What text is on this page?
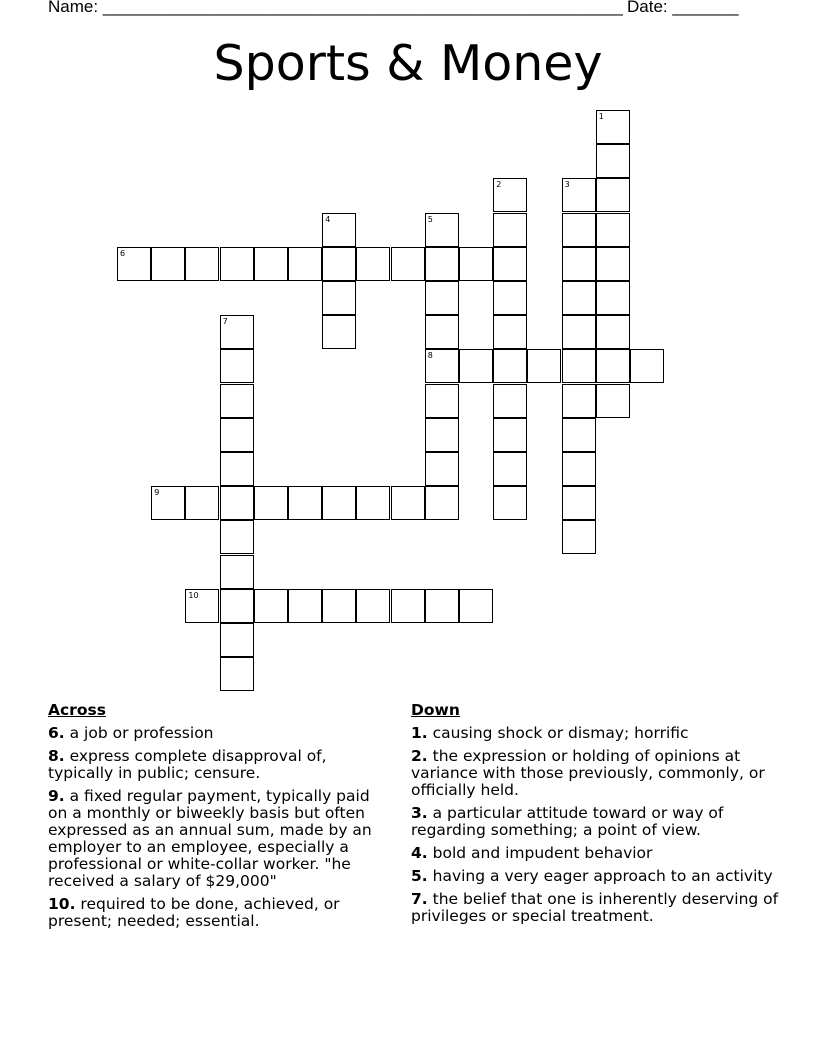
Name: _______________________________________________________ Date: _______
Sports & Money
1
2	3
4	5
8
6
7
9
10
Across
6. a job or profession
8. express complete disapproval of, typically in public; censure.
9. a fixed regular payment, typically paid on a monthly or biweekly basis but often expressed as an annual sum, made by an employer to an employee, especially a professional or white-collar worker. "he received a salary of $29,000"
10. required to be done, achieved, or present; needed; essential.
Down
1. causing shock or dismay; horrific
2. the expression or holding of opinions at variance with those previously, commonly, or officially held.
3. a particular attitude toward or way of regarding something; a point of view.
4. bold and impudent behavior
5. having a very eager approach to an activity
7. the belief that one is inherently deserving of privileges or special treatment.
